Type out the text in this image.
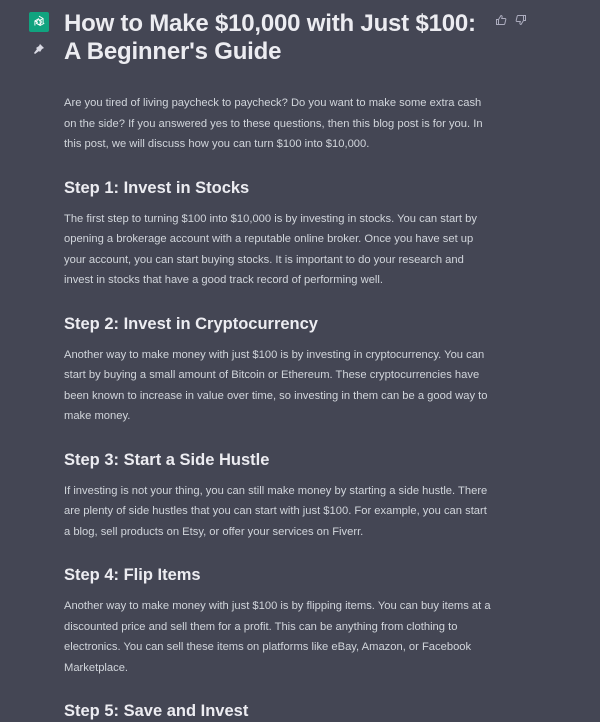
How to Make $10,000 with Just $100: A Beginner's Guide

Are you tired of living paycheck to paycheck? Do you want to make some extra cash on the side? If you answered yes to these questions, then this blog post is for you. In this post, we will discuss how you can turn $100 into $10,000.

Step 1: Invest in Stocks

The first step to turning $100 into $10,000 is by investing in stocks. You can start by opening a brokerage account with a reputable online broker. Once you have set up your account, you can start buying stocks. It is important to do your research and invest in stocks that have a good track record of performing well.

Step 2: Invest in Cryptocurrency

Another way to make money with just $100 is by investing in cryptocurrency. You can start by buying a small amount of Bitcoin or Ethereum. These cryptocurrencies have been known to increase in value over time, so investing in them can be a good way to make money.

Step 3: Start a Side Hustle

If investing is not your thing, you can still make money by starting a side hustle. There are plenty of side hustles that you can start with just $100. For example, you can start a blog, sell products on Etsy, or offer your services on Fiverr.

Step 4: Flip Items

Another way to make money with just $100 is by flipping items. You can buy items at a discounted price and sell them for a profit. This can be anything from clothing to electronics. You can sell these items on platforms like eBay, Amazon, or Facebook Marketplace.

Step 5: Save and Invest
